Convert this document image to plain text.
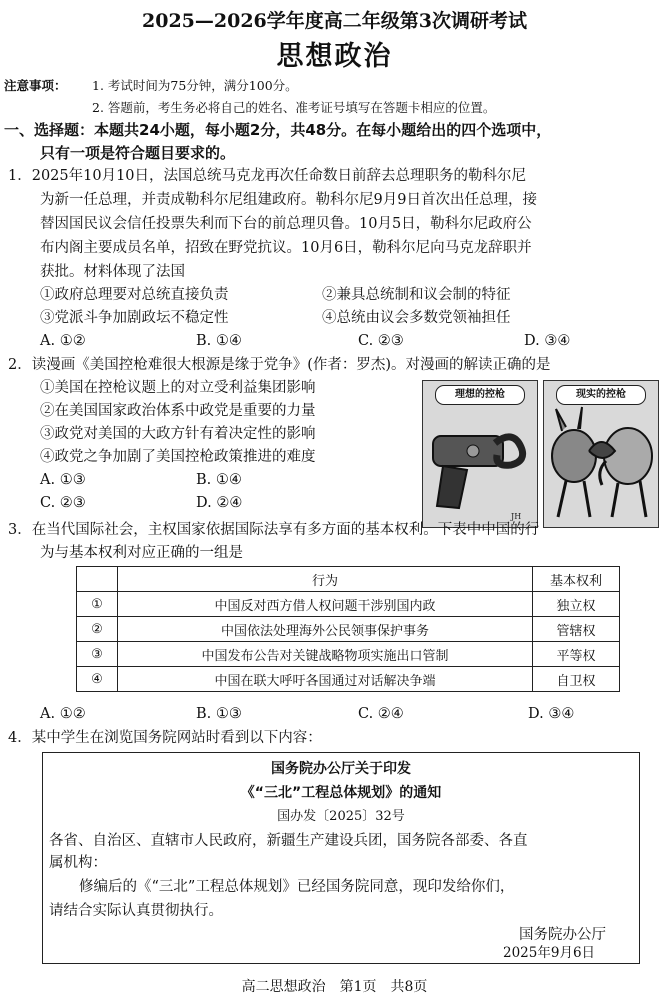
2025—2026学年度高二年级第3次调研考试
思想政治
注意事项： 1. 考试时间为75分钟，满分100分。
2. 答题前，考生务必将自己的姓名、准考证号填写在答题卡相应的位置。
一、选择题：本题共24小题，每小题2分，共48分。在每小题给出的四个选项中，
只有一项是符合题目要求的。
1．2025年10月10日，法国总统马克龙再次任命数日前辞去总理职务的勒科尔尼
为新一任总理，并责成勒科尔尼组建政府。勒科尔尼9月9日首次出任总理，接
替因国民议会信任投票失利而下台的前总理贝鲁。10月5日，勒科尔尼政府公
布内阁主要成员名单，招致在野党抗议。10月6日，勒科尔尼向马克龙辞职并
获批。材料体现了法国
①政府总理要对总统直接负责	②兼具总统制和议会制的特征
③党派斗争加剧政坛不稳定性	④总统由议会多数党领袖担任
A. ①②	B. ①④	C. ②③	D. ③④
2．读漫画《美国控枪难很大根源是缘于党争》(作者：罗杰)。对漫画的解读正确的是
①美国在控枪议题上的对立受利益集团影响
②在美国国家政治体系中政党是重要的力量
③政党对美国的大政方针有着决定性的影响
④政党之争加剧了美国控枪政策推进的难度
A. ①③	B. ①④
C. ②③	D. ②④
理想的控枪
JH
现实的控枪
3．在当代国际社会，主权国家依据国际法享有多方面的基本权利。下表中中国的行
为与基本权利对应正确的一组是
	行为	基本权利
①	中国反对西方借人权问题干涉别国内政	独立权
②	中国依法处理海外公民领事保护事务	管辖权
③	中国发布公告对关键战略物项实施出口管制	平等权
④	中国在联大呼吁各国通过对话解决争端	自卫权
A. ①②	B. ①③	C. ②④	D. ③④
4．某中学生在浏览国务院网站时看到以下内容：
国务院办公厅关于印发
《“三北”工程总体规划》的通知
国办发〔2025〕32号
各省、自治区、直辖市人民政府，新疆生产建设兵团，国务院各部委、各直
属机构：
修编后的《“三北”工程总体规划》已经国务院同意，现印发给你们，
请结合实际认真贯彻执行。
国务院办公厅
2025年9月6日
高二思想政治　第1页　共8页
